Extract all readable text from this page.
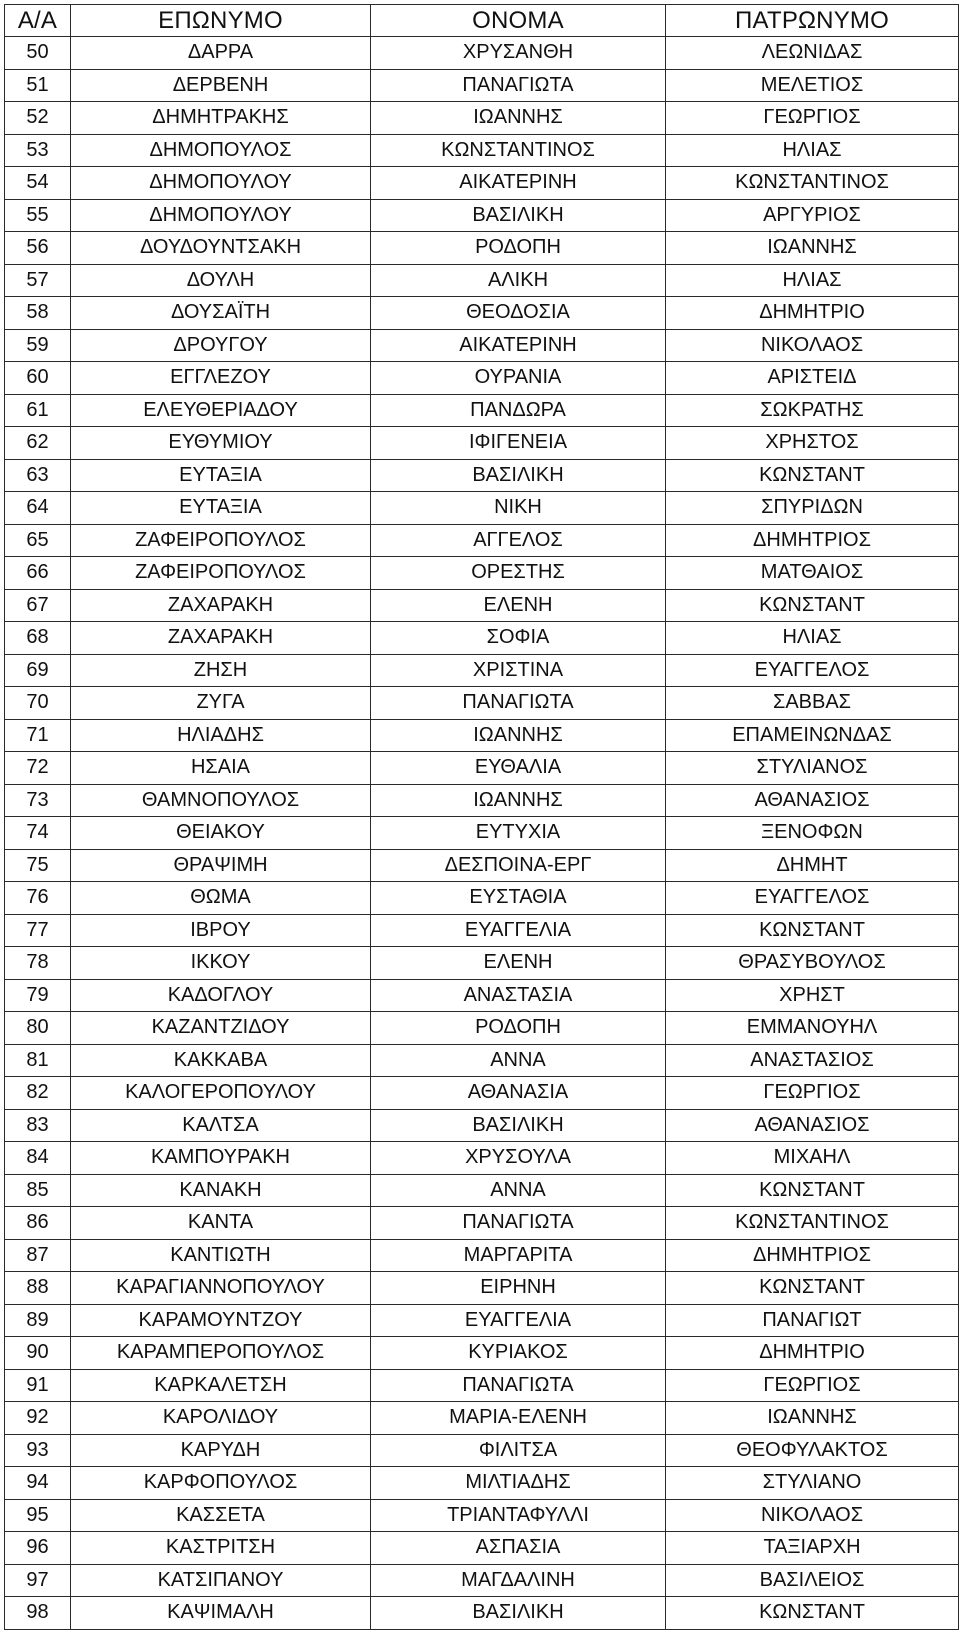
Α/Α	ΕΠΩΝΥΜΟ	ΟΝΟΜΑ	ΠΑΤΡΩΝΥΜΟ
50	ΔΑΡΡΑ	ΧΡΥΣΑΝΘΗ	ΛΕΩΝΙΔΑΣ
51	ΔΕΡΒΕΝΗ	ΠΑΝΑΓΙΩΤΑ	ΜΕΛΕΤΙΟΣ
52	ΔΗΜΗΤΡΑΚΗΣ	ΙΩΑΝΝΗΣ	ΓΕΩΡΓΙΟΣ
53	ΔΗΜΟΠΟΥΛΟΣ	ΚΩΝΣΤΑΝΤΙΝΟΣ	ΗΛΙΑΣ
54	ΔΗΜΟΠΟΥΛΟΥ	ΑΙΚΑΤΕΡΙΝΗ	ΚΩΝΣΤΑΝΤΙΝΟΣ
55	ΔΗΜΟΠΟΥΛΟΥ	ΒΑΣΙΛΙΚΗ	ΑΡΓΥΡΙΟΣ
56	ΔΟΥΔΟΥΝΤΣΑΚΗ	ΡΟΔΟΠΗ	ΙΩΑΝΝΗΣ
57	ΔΟΥΛΗ	ΑΛΙΚΗ	ΗΛΙΑΣ
58	ΔΟΥΣΑΪΤΗ	ΘΕΟΔΟΣΙΑ	ΔΗΜΗΤΡΙΟ
59	ΔΡΟΥΓΟΥ	ΑΙΚΑΤΕΡΙΝΗ	ΝΙΚΟΛΑΟΣ
60	ΕΓΓΛΕΖΟΥ	ΟΥΡΑΝΙΑ	ΑΡΙΣΤΕΙΔ
61	ΕΛΕΥΘΕΡΙΑΔΟΥ	ΠΑΝΔΩΡΑ	ΣΩΚΡΑΤΗΣ
62	ΕΥΘΥΜΙΟΥ	ΙΦΙΓΕΝΕΙΑ	ΧΡΗΣΤΟΣ
63	ΕΥΤΑΞΙΑ	ΒΑΣΙΛΙΚΗ	ΚΩΝΣΤΑΝΤ
64	ΕΥΤΑΞΙΑ	ΝΙΚΗ	ΣΠΥΡΙΔΩΝ
65	ΖΑΦΕΙΡΟΠΟΥΛΟΣ	ΑΓΓΕΛΟΣ	ΔΗΜΗΤΡΙΟΣ
66	ΖΑΦΕΙΡΟΠΟΥΛΟΣ	ΟΡΕΣΤΗΣ	ΜΑΤΘΑΙΟΣ
67	ΖΑΧΑΡΑΚΗ	ΕΛΕΝΗ	ΚΩΝΣΤΑΝΤ
68	ΖΑΧΑΡΑΚΗ	ΣΟΦΙΑ	ΗΛΙΑΣ
69	ΖΗΣΗ	ΧΡΙΣΤΙΝΑ	ΕΥΑΓΓΕΛΟΣ
70	ΖΥΓΑ	ΠΑΝΑΓΙΩΤΑ	ΣΑΒΒΑΣ
71	ΗΛΙΑΔΗΣ	ΙΩΑΝΝΗΣ	ΕΠΑΜΕΙΝΩΝΔΑΣ
72	ΗΣΑΙΑ	ΕΥΘΑΛΙΑ	ΣΤΥΛΙΑΝΟΣ
73	ΘΑΜΝΟΠΟΥΛΟΣ	ΙΩΑΝΝΗΣ	ΑΘΑΝΑΣΙΟΣ
74	ΘΕΙΑΚΟΥ	ΕΥΤΥΧΙΑ	ΞΕΝΟΦΩΝ
75	ΘΡΑΨΙΜΗ	ΔΕΣΠΟΙΝΑ-ΕΡΓ	ΔΗΜΗΤ
76	ΘΩΜΑ	ΕΥΣΤΑΘΙΑ	ΕΥΑΓΓΕΛΟΣ
77	ΙΒΡΟΥ	ΕΥΑΓΓΕΛΙΑ	ΚΩΝΣΤΑΝΤ
78	ΙΚΚΟΥ	ΕΛΕΝΗ	ΘΡΑΣΥΒΟΥΛΟΣ
79	ΚΑΔΟΓΛΟΥ	ΑΝΑΣΤΑΣΙΑ	ΧΡΗΣΤ
80	ΚΑΖΑΝΤΖΙΔΟΥ	ΡΟΔΟΠΗ	ΕΜΜΑΝΟΥΗΛ
81	ΚΑΚΚΑΒΑ	ΑΝΝΑ	ΑΝΑΣΤΑΣΙΟΣ
82	ΚΑΛΟΓΕΡΟΠΟΥΛΟΥ	ΑΘΑΝΑΣΙΑ	ΓΕΩΡΓΙΟΣ
83	ΚΑΛΤΣΑ	ΒΑΣΙΛΙΚΗ	ΑΘΑΝΑΣΙΟΣ
84	ΚΑΜΠΟΥΡΑΚΗ	ΧΡΥΣΟΥΛΑ	ΜΙΧΑΗΛ
85	ΚΑΝΑΚΗ	ΑΝΝΑ	ΚΩΝΣΤΑΝΤ
86	ΚΑΝΤΑ	ΠΑΝΑΓΙΩΤΑ	ΚΩΝΣΤΑΝΤΙΝΟΣ
87	ΚΑΝΤΙΩΤΗ	ΜΑΡΓΑΡΙΤΑ	ΔΗΜΗΤΡΙΟΣ
88	ΚΑΡΑΓΙΑΝΝΟΠΟΥΛΟΥ	ΕΙΡΗΝΗ	ΚΩΝΣΤΑΝΤ
89	ΚΑΡΑΜΟΥΝΤΖΟΥ	ΕΥΑΓΓΕΛΙΑ	ΠΑΝΑΓΙΩΤ
90	ΚΑΡΑΜΠΕΡΟΠΟΥΛΟΣ	ΚΥΡΙΑΚΟΣ	ΔΗΜΗΤΡΙΟ
91	ΚΑΡΚΑΛΕΤΣΗ	ΠΑΝΑΓΙΩΤΑ	ΓΕΩΡΓΙΟΣ
92	ΚΑΡΟΛΙΔΟΥ	ΜΑΡΙΑ-ΕΛΕΝΗ	ΙΩΑΝΝΗΣ
93	ΚΑΡΥΔΗ	ΦΙΛΙΤΣΑ	ΘΕΟΦΥΛΑΚΤΟΣ
94	ΚΑΡΦΟΠΟΥΛΟΣ	ΜΙΛΤΙΑΔΗΣ	ΣΤΥΛΙΑΝΟ
95	ΚΑΣΣΕΤΑ	ΤΡΙΑΝΤΑΦΥΛΛΙ	ΝΙΚΟΛΑΟΣ
96	ΚΑΣΤΡΙΤΣΗ	ΑΣΠΑΣΙΑ	ΤΑΞΙΑΡΧΗ
97	ΚΑΤΣΙΠΑΝΟΥ	ΜΑΓΔΑΛΙΝΗ	ΒΑΣΙΛΕΙΟΣ
98	ΚΑΨΙΜΑΛΗ	ΒΑΣΙΛΙΚΗ	ΚΩΝΣΤΑΝΤ
